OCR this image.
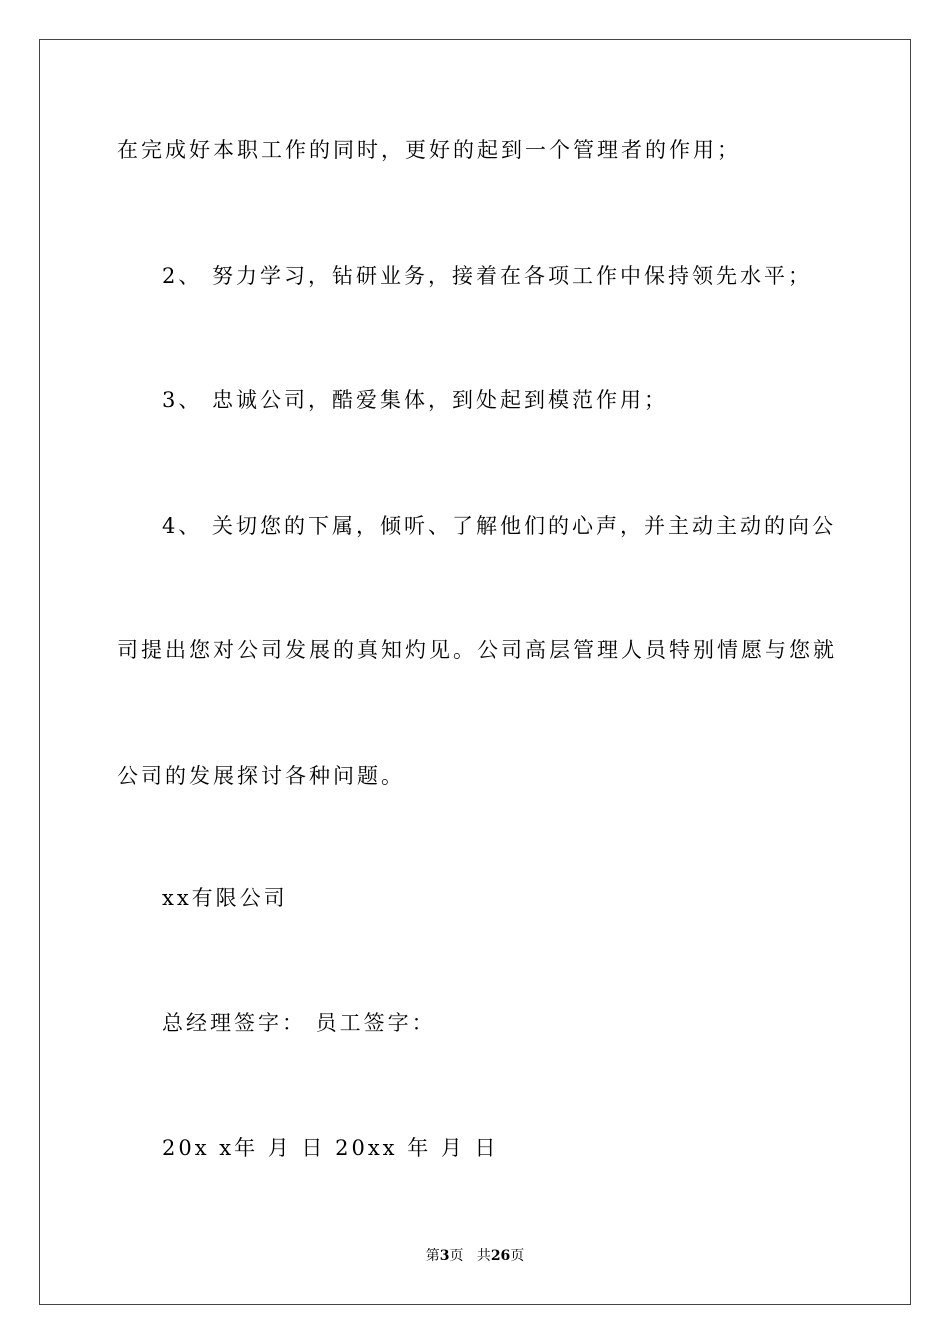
在完成好本职工作的同时，更好的起到一个管理者的作用；
2、 努力学习，钻研业务，接着在各项工作中保持领先水平；
3、 忠诚公司，酷爱集体，到处起到模范作用；
4、 关切您的下属，倾听、了解他们的心声，并主动主动的向公
司提出您对公司发展的真知灼见。公司高层管理人员特别情愿与您就
公司的发展探讨各种问题。
xx有限公司
总经理签字： 员工签字：
20x x年 月 日 20xx 年 月 日
第3页 共26页
